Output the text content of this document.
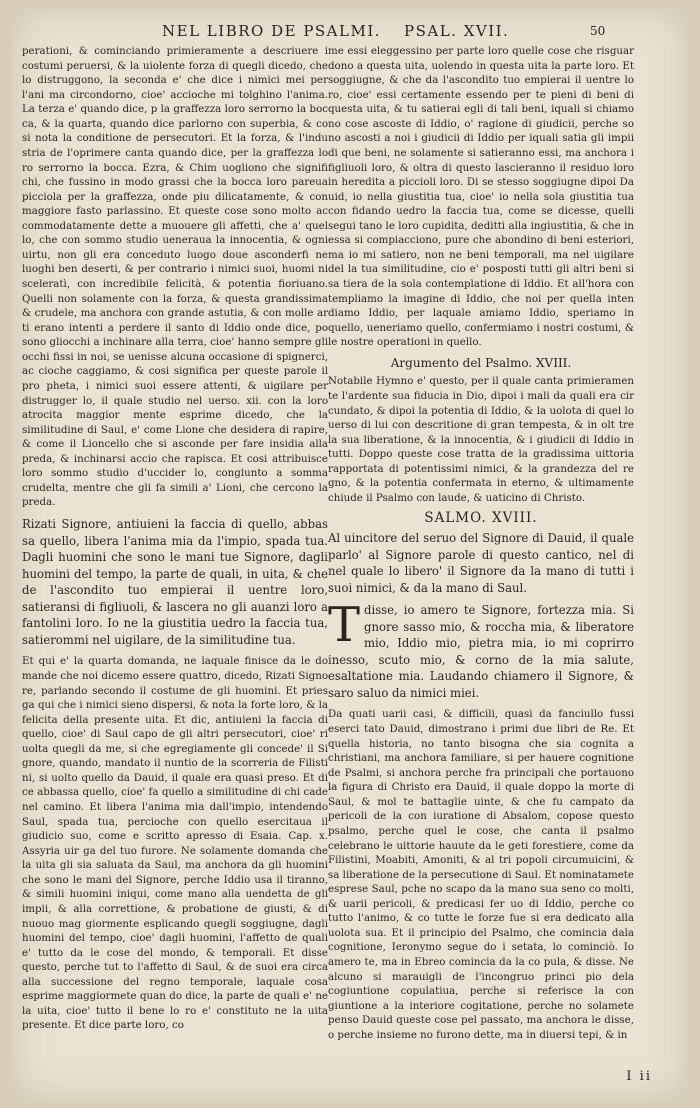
NEL LIBRO DE PSALMI. PSAL. XVII.	50

perationi, & cominciando primieramente a descriuere i costumi peruersi, & la uiolente forza di quegli dicedo, che lo distruggono, la seconda e' che dice i nimici mei per l'ani ma circondorno, cioe' accioche mi tolghino l'anima. La terza e' quando dice, p la graffezza loro serrorno la boc ca, & la quarta, quando dice parlorno con superbia, & co si nota la conditione de persecutori. Et la forza, & l'indu stria de l'oprimere canta quando dice, per la graffezza lo ro serrorno la bocca. Ezra, & Chim uogliono che signifi chi, che fussino in modo grassi che la bocca loro pareua picciola per la graffezza, onde piu dilicatamente, & con maggiore fasto parlassino. Et queste cose sono molto ac commodatamente dette a muouere gli affetti, che a' quel lo, che con sommo studio ueneraua la innocentia, & ogni uirtu, non gli era conceduto luogo doue asconderfi ne luoghi ben deserti, & per contrario i nimici suoi, huomi ni sceleratì, con incredibile felicità, & potentia fioriuano. Quelli non solamente con la forza, & questa grandissima & crudele, ma anchora con grande astutia, & con molle ar ti erano intenti a perdere il santo di Iddio onde dice, po sono gliocchi a inchinare alla terra, cioe' hanno sempre gli occhi fissi in noi, se uenisse alcuna occasione di spignerci, ac cioche caggiamo, & cosi significa per queste parole il pro pheta, i nimici suoi essere attenti, & uigilare per distrugger lo, il quale studio nel uerso. xii. con la loro atrocita maggior mente esprime dicedo, che la similitudine di Saul, e' come Lione che desidera di rapire, & come il Lioncello che si asconde per fare insidia alla preda, & inchinarsi accio che rapisca. Et cosi attribuisce loro sommo studio d'uccider lo, congiunto a somma crudelta, mentre che gli fa simili a' Lioni, che cercono la preda.

Rizati Signore, antiuieni la faccia di quello, abbas sa quello, libera l'anima mia da l'impio, spada tua. Dagli huomini che sono le mani tue Signore, dagli huomini del tempo, la parte de quali, in uita, & che de l'ascondito tuo empierai il uentre loro, satieransi di figliuoli, & lascera no gli auanzi loro a fantolini loro. Io ne la giustitia uedro la faccia tua, satierommi nel uigilare, de la similitudine tua.

Et qui e' la quarta domanda, ne laquale finisce da le do mande che noi dicemo essere quattro, dicedo, Rizati Signo re, parlando secondo il costume de gli huomini. Et pries ga qui che i nimici sieno dispersi, & nota la forte loro, & la felicita della presente uita. Et dic, antiuieni la faccia di quello, cioe' di Saul capo de gli altri persecutori, cioe' ri uolta quegli da me, si che egregiamente gli concede' il Si gnore, quando, mandato il nuntio de la scorreria de Filisti ni, si uolto quello da Dauid, il quale era quasi preso. Et di ce abbassa quello, cioe' fa quello a similitudine di chi cade nel camino. Et libera l'anima mia dall'impio, intendendo Saul, spada tua, percioche con quello esercitaua il giudicio suo, come e scritto apresso di Esaia. Cap. x. Assyria uir ga del tuo furore. Ne solamente domanda che la uita gli sia saluata da Saul, ma anchora da gli huomini che sono le mani del Signore, perche Iddio usa il tiranno, & simili huomini iniqui, come mano alla uendetta de gli impii, & alla correttione, & probatione de giusti, & di nuouo mag giormente esplicando quegli soggiugne, dagli huomini del tempo, cioe' dagli huomini, l'affetto de quali e' tutto da le cose del mondo, & temporali. Et disse questo, perche tut to l'affetto di Saul, & de suoi era circa alla successione del regno temporale, laquale cosa esprime maggiormete quan do dice, la parte de quali e' ne la uita, cioe' tutto il bene lo ro e' constituto ne la uita presente. Et dice parte loro, co

me essi eleggessino per parte loro quelle cose che risguar dono a questa uita, uolendo in questa uita la parte loro. Et soggiugne, & che da l'ascondito tuo empierai il uentre lo ro, cioe' essi certamente essendo per te pieni di beni di questa uita, & tu satierai egli di tali beni, iquali si chiamo no cose ascoste di Iddio, o' ragione di giudicii, perche so no ascosti a noi i giudicii di Iddio per iquali satia gli impii di que beni, ne solamente si satieranno essi, ma anchora i figliuoli loro, & oltra di questo lascieranno il residuo loro in heredita a piccioli loro. Di se stesso soggiugne dipoi Da uid, io nella giustitia tua, cioe' io nella sola giustitia tua con fidando uedro la faccia tua, come se dicesse, quelli segui tano le loro cupidita, deditti alla ingiustitia, & che in essa si compiacciono, pure che abondino di beni esteriori, ma io mi satiero, non ne beni temporali, ma nel uigilare del la tua similitudine, cio e' posposti tutti gli altri beni si sa tiera de la sola contemplatione di Iddio. Et all'hora con templiamo la imagine di Iddio, che noi per quella inten diamo Iddio, per laquale amiamo Iddio, speriamo in quello, ueneriamo quello, confermiamo i nostri costumi, & le nostre operationi in quello.

Argumento del Psalmo. XVIII.

Notabile Hymno e' questo, per il quale canta primieramen te l'ardente sua fiducia in Dio, dipoi i mali da quali era cir cundato, & dipoi la potentia di Iddio, & la uolota di quel lo uerso di lui con descritione di gran tempesta, & in olt tre la sua liberatione, & la innocentia, & i giudicii di Iddio in tutti. Doppo queste cose tratta de la gradissima uittoria rapportata di potentissimi nimici, & la grandezza del re gno, & la potentia confermata in eterno, & ultimamente chiude il Psalmo con laude, & uaticino di Christo.

SALMO. XVIII.

Al uincitore del seruo del Signore di Dauid, il quale parlo' al Signore parole di questo cantico, nel di nel quale lo libero' il Signore da la mano di tutti i suoi nimici, & da la mano di Saul.

Tdisse, io amero te Signore, fortezza mia. Si gnore sasso mio, & roccha mia, & liberatore mio, Iddio mio, pietra mia, io mi coprirro inesso, scuto mio, & corno de la mia salute, esaltatione mia. Laudando chiamero il Signore, & saro saluo da nimici miei.

Da quati uarii casi, & difficili, quasi da fanciullo fussi eserci tato Dauid, dimostrano i primi due libri de Re. Et quella historia, no tanto bisogna che sia cognita a christiani, ma anchora familiare, si per hauere cognitione de Psalmi, si anchora perche fra principali che portauono la figura di Christo era Dauid, il quale doppo la morte di Saul, & mol te battaglie uinte, & che fu campato da pericoli de la con iuratione di Absalom, copose questo psalmo, perche quel le cose, che canta il psalmo celebrano le uittorie hauute da le geti forestiere, come da Filistini, Moabiti, Amoniti, & al tri popoli circumuicini, & sa liberatione de la persecutione di Saul. Et nominatamete esprese Saul, pche no scapo da la mano sua seno co molti, & uarii pericoli, & predicasi fer uo di Iddio, perche co tutto l'animo, & co tutte le forze fue si era dedicato alla uolota sua. Et il principio del Psalmo, che comincia dala cognitione, Ieronymo segue do i setata, lo cominciò. Io amero te, ma in Ebreo comincia da la co pula, & disse. Ne alcuno si marauigli de l'incongruo princi pio dela cogiuntione copulatiua, perche si referisce la con giuntione a la interiore cogitatione, perche no solamete penso Dauid queste cose pel passato, ma anchora le disse, o perche insieme no furono dette, ma in diuersi tepi, & in

I ii
